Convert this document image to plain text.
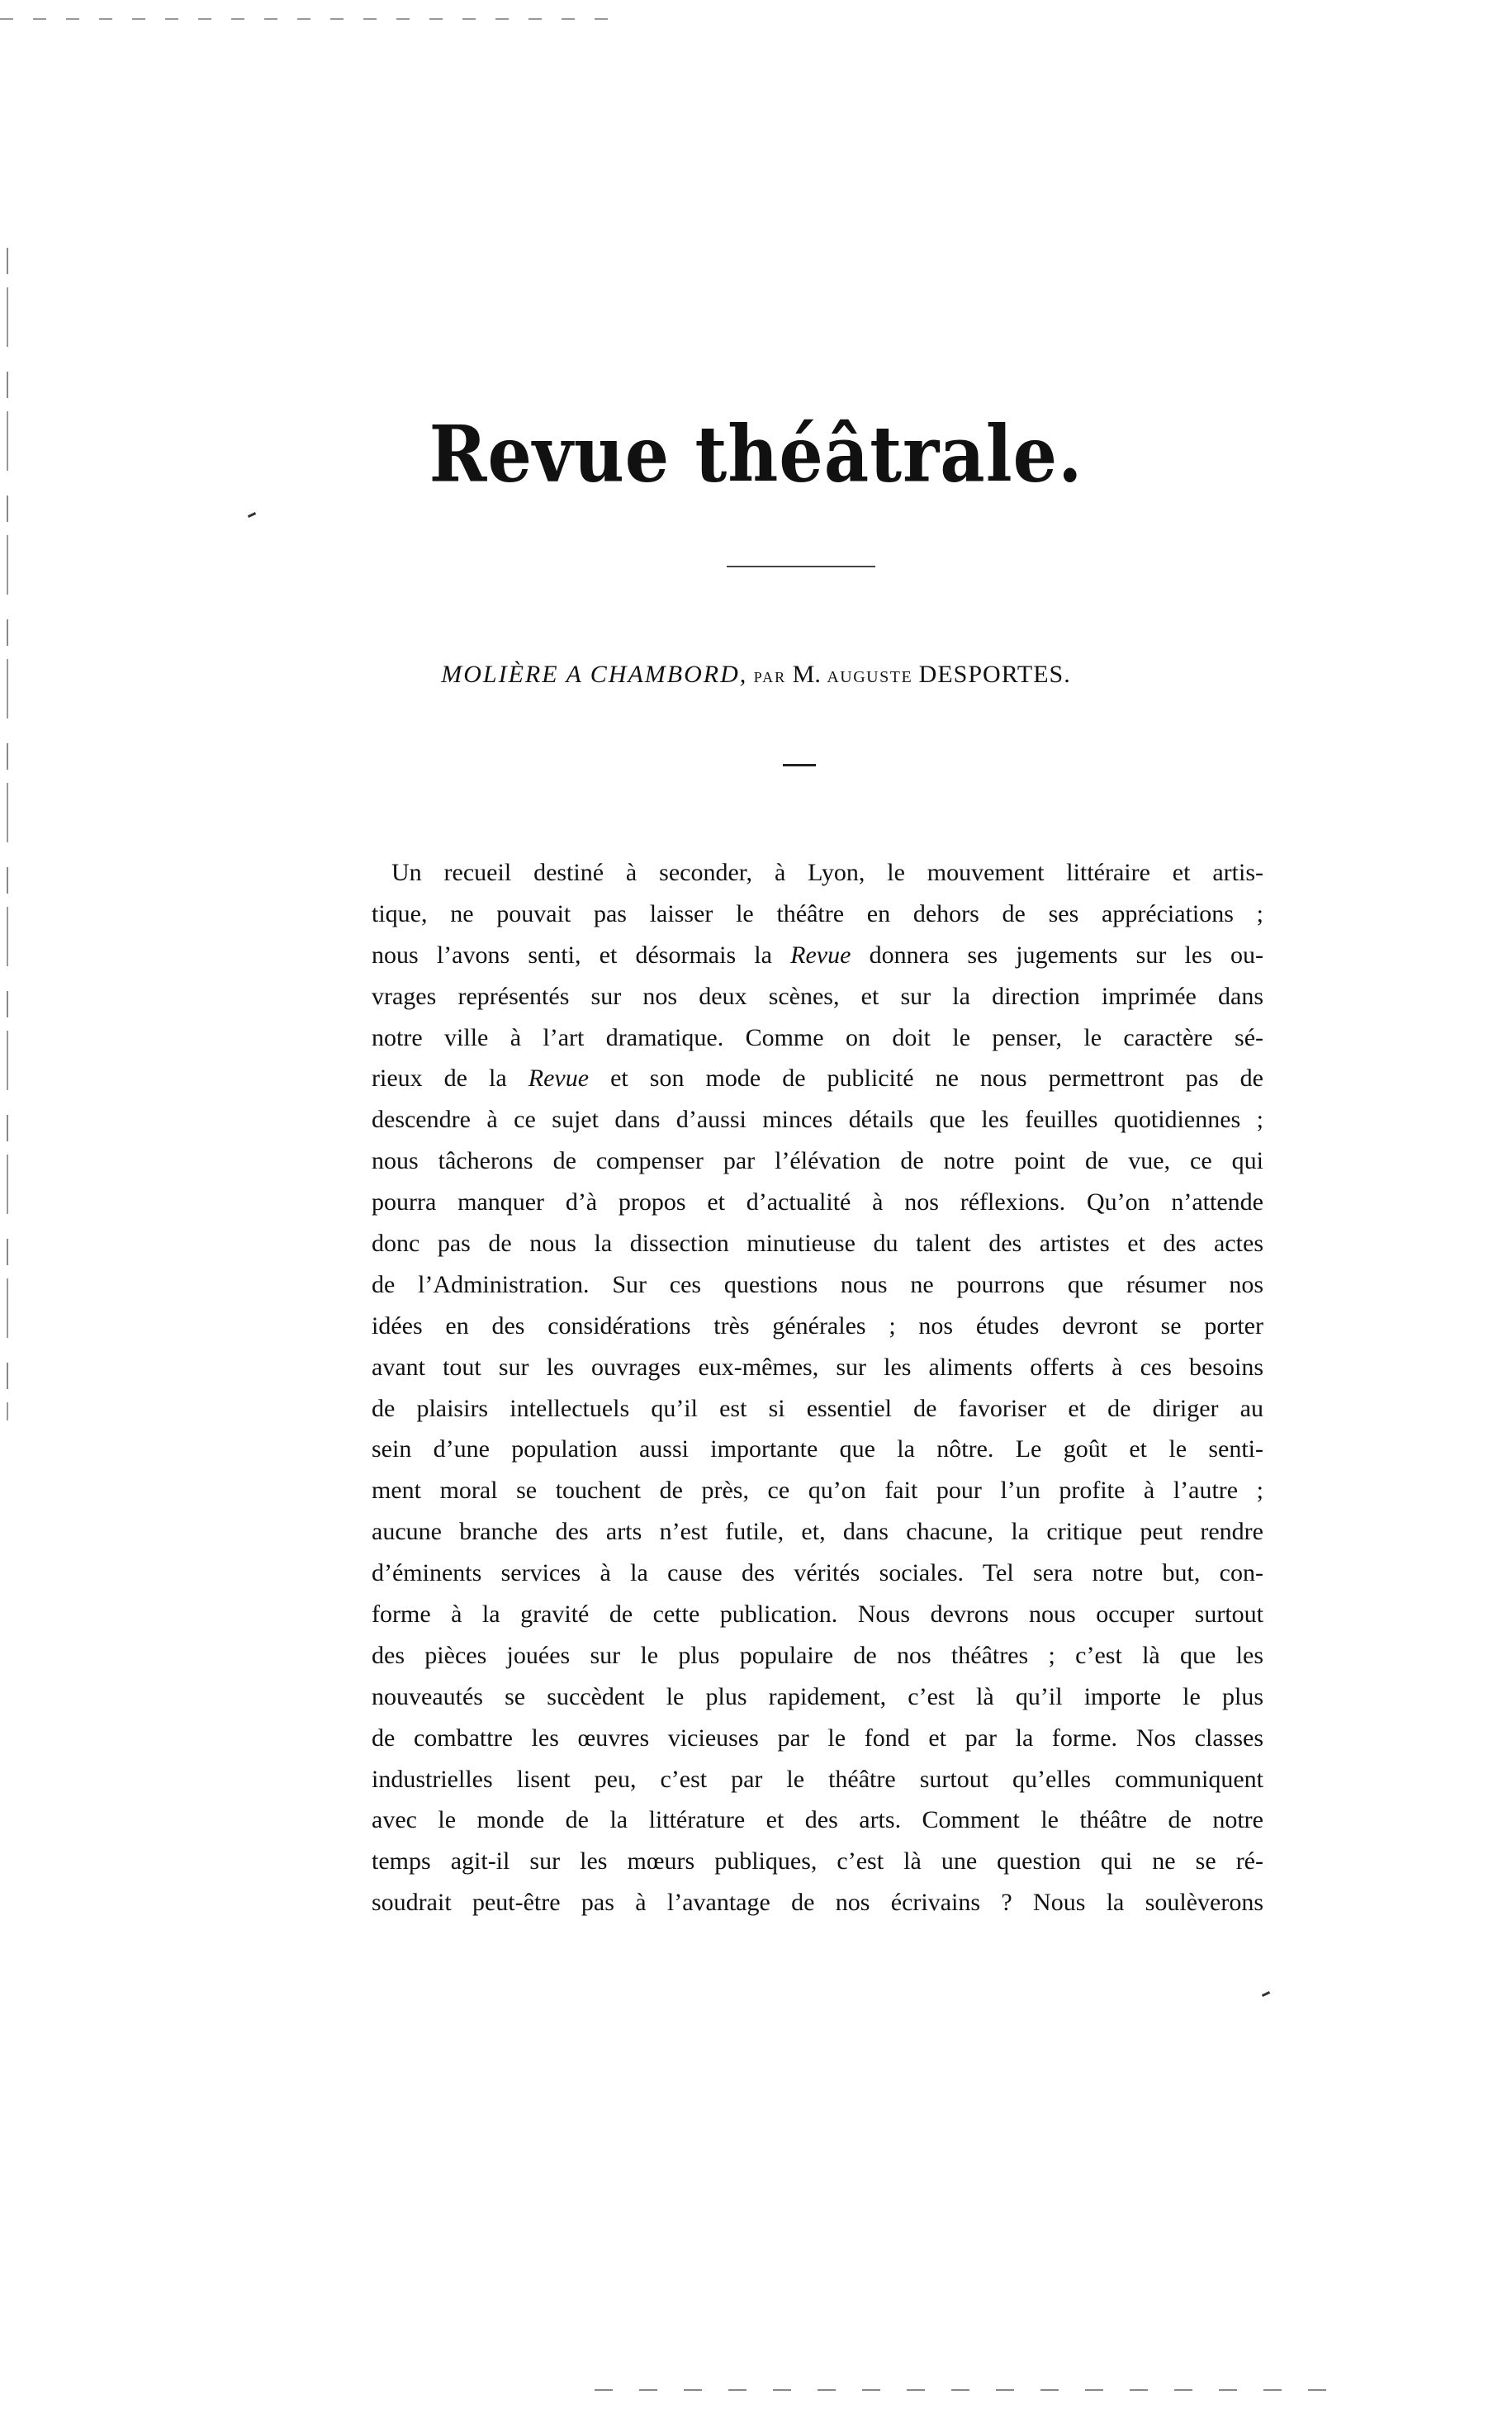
Revue théâtrale.
MOLIÈRE A CHAMBORD, PAR M. AUGUSTE DESPORTES.
Un recueil destiné à seconder, à Lyon, le mouvement littéraire et artis-
tique, ne pouvait pas laisser le théâtre en dehors de ses appréciations ;
nous l’avons senti, et désormais la Revue donnera ses jugements sur les ou-
vrages représentés sur nos deux scènes, et sur la direction imprimée dans
notre ville à l’art dramatique. Comme on doit le penser, le caractère sé-
rieux de la Revue et son mode de publicité ne nous permettront pas de
descendre à ce sujet dans d’aussi minces détails que les feuilles quotidiennes ;
nous tâcherons de compenser par l’élévation de notre point de vue, ce qui
pourra manquer d’à propos et d’actualité à nos réflexions. Qu’on n’attende
donc pas de nous la dissection minutieuse du talent des artistes et des actes
de l’Administration. Sur ces questions nous ne pourrons que résumer nos
idées en des considérations très générales ; nos études devront se porter
avant tout sur les ouvrages eux-mêmes, sur les aliments offerts à ces besoins
de plaisirs intellectuels qu’il est si essentiel de favoriser et de diriger au
sein d’une population aussi importante que la nôtre. Le goût et le senti-
ment moral se touchent de près, ce qu’on fait pour l’un profite à l’autre ;
aucune branche des arts n’est futile, et, dans chacune, la critique peut rendre
d’éminents services à la cause des vérités sociales. Tel sera notre but, con-
forme à la gravité de cette publication. Nous devrons nous occuper surtout
des pièces jouées sur le plus populaire de nos théâtres ; c’est là que les
nouveautés se succèdent le plus rapidement, c’est là qu’il importe le plus
de combattre les œuvres vicieuses par le fond et par la forme. Nos classes
industrielles lisent peu, c’est par le théâtre surtout qu’elles communiquent
avec le monde de la littérature et des arts. Comment le théâtre de notre
temps agit-il sur les mœurs publiques, c’est là une question qui ne se ré-
soudrait peut-être pas à l’avantage de nos écrivains ? Nous la soulèverons
